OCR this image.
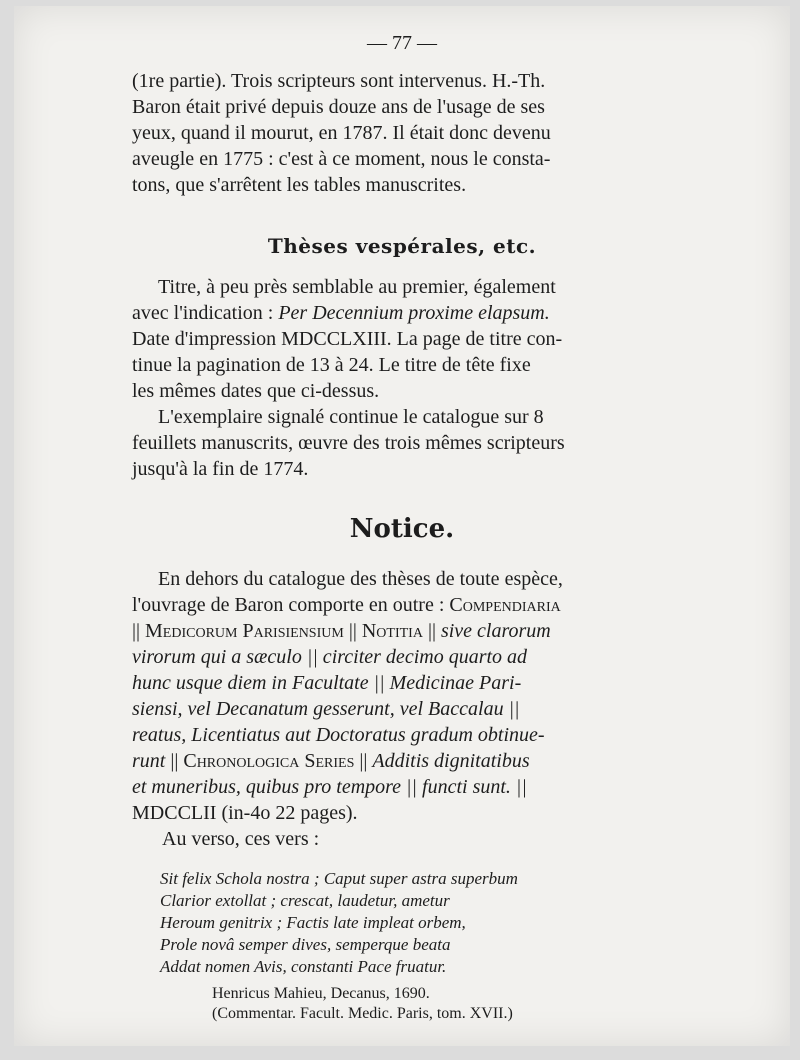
— 77 —
(1re partie). Trois scripteurs sont intervenus. H.-Th.
Baron était privé depuis douze ans de l'usage de ses
yeux, quand il mourut, en 1787. Il était donc devenu
aveugle en 1775 : c'est à ce moment, nous le consta-
tons, que s'arrêtent les tables manuscrites.
Thèses vespérales, etc.
Titre, à peu près semblable au premier, également
avec l'indication : Per Decennium proxime elapsum.
Date d'impression MDCCLXIII. La page de titre con-
tinue la pagination de 13 à 24. Le titre de tête fixe
les mêmes dates que ci-dessus.
L'exemplaire signalé continue le catalogue sur 8
feuillets manuscrits, œuvre des trois mêmes scripteurs
jusqu'à la fin de 1774.
Notice.
En dehors du catalogue des thèses de toute espèce,
l'ouvrage de Baron comporte en outre : Compendiaria
|| Medicorum Parisiensium || Notitia || sive clarorum
virorum qui a sæculo || circiter decimo quarto ad
hunc usque diem in Facultate || Medicinae Pari-
siensi, vel Decanatum gesserunt, vel Baccalau ||
reatus, Licentiatus aut Doctoratus gradum obtinue-
runt || Chronologica Series || Additis dignitatibus
et muneribus, quibus pro tempore || functi sunt. ||
MDCCLII (in-4o 22 pages).
Au verso, ces vers :
Sit felix Schola nostra ; Caput super astra superbum
Clarior extollat ; crescat, laudetur, ametur
Heroum genitrix ; Factis late impleat orbem,
Prole novâ semper dives, semperque beata
Addat nomen Avis, constanti Pace fruatur.
Henricus Mahieu, Decanus, 1690.
(Commentar. Facult. Medic. Paris, tom. XVII.)
